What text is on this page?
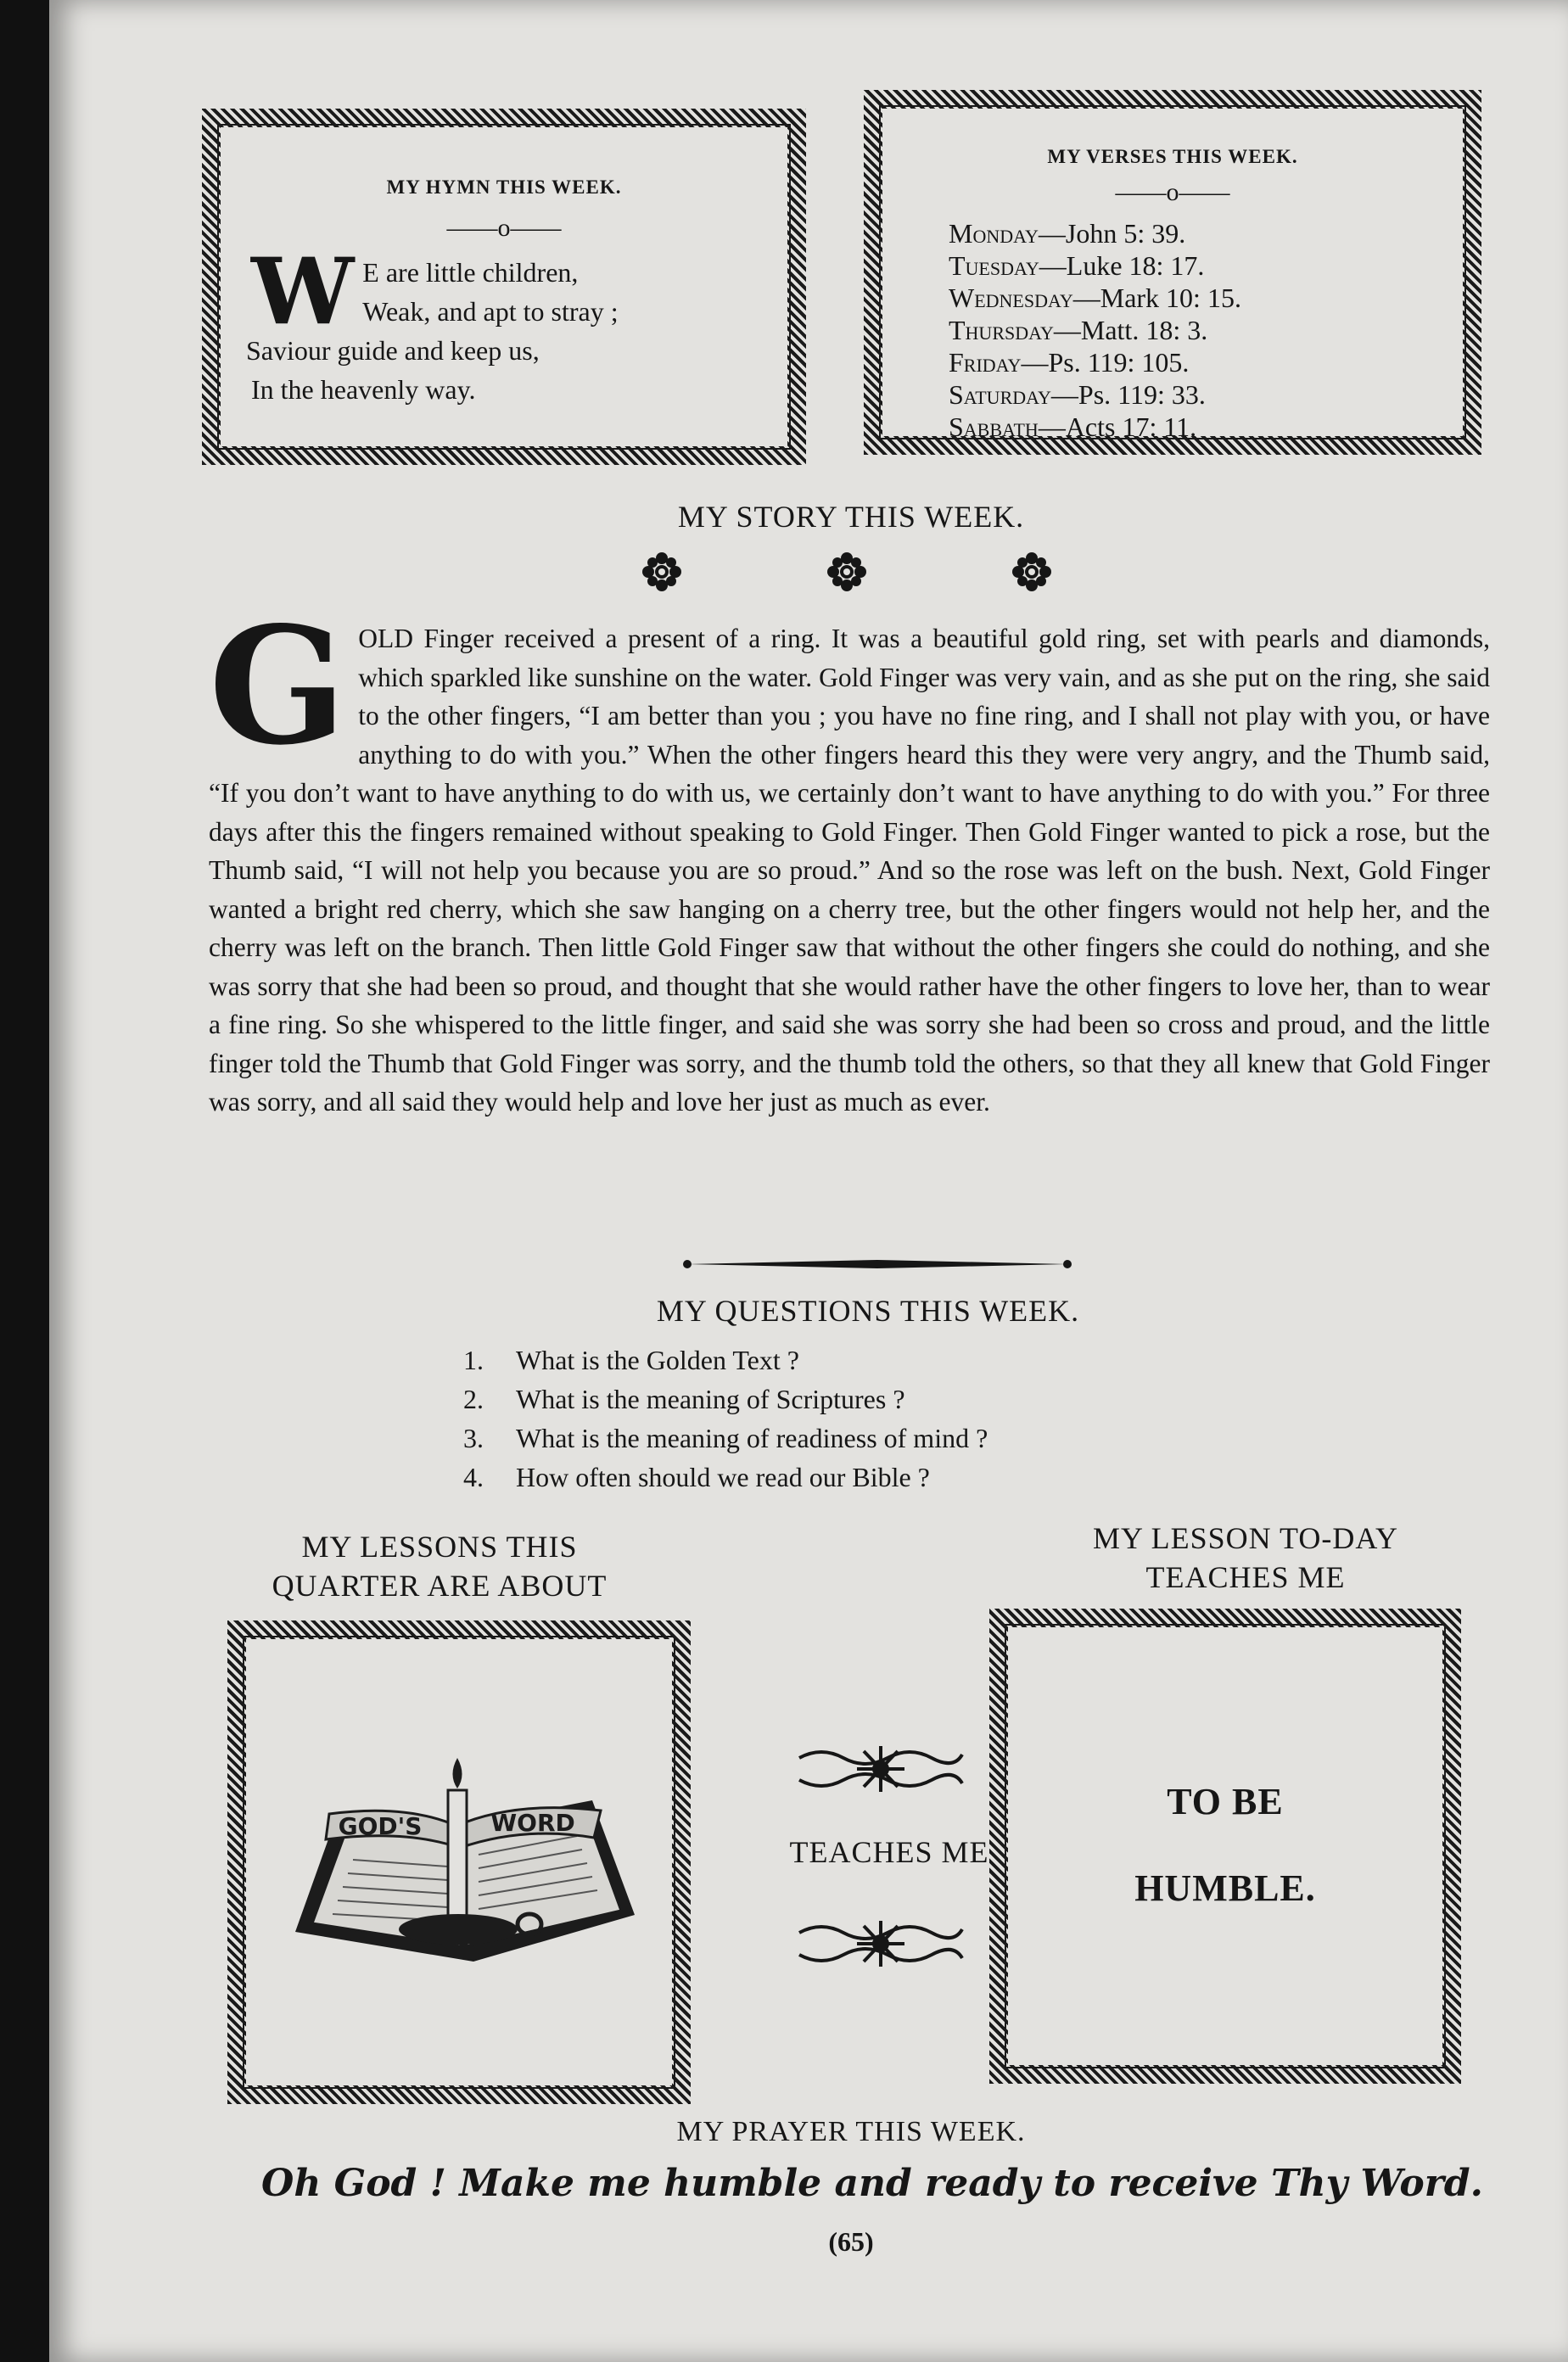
MY HYMN THIS WEEK.
——o——
W E are little children,
Weak, and apt to stray ;
Saviour guide and keep us,
In the heavenly way.
MY VERSES THIS WEEK.
——o——
Monday—John 5: 39.
Tuesday—Luke 18: 17.
Wednesday—Mark 10: 15.
Thursday—Matt. 18: 3.
Friday—Ps. 119: 105.
Saturday—Ps. 119: 33.
Sabbath—Acts 17: 11.
MY STORY THIS WEEK.
G OLD Finger received a present of a ring. It was a beautiful gold ring, set with pearls and diamonds, which sparkled like sunshine on the water. Gold Finger was very vain, and as she put on the ring, she said to the other fingers, “I am better than you ; you have no fine ring, and I shall not play with you, or have anything to do with you.” When the other fingers heard this they were very angry, and the Thumb said, “If you don’t want to have anything to do with us, we certainly don’t want to have anything to do with you.” For three days after this the fingers remained without speaking to Gold Finger. Then Gold Finger wanted to pick a rose, but the Thumb said, “I will not help you because you are so proud.” And so the rose was left on the bush. Next, Gold Finger wanted a bright red cherry, which she saw hanging on a cherry tree, but the other fingers would not help her, and the cherry was left on the branch. Then little Gold Finger saw that without the other fingers she could do nothing, and she was sorry that she had been so proud, and thought that she would rather have the other fingers to love her, than to wear a fine ring. So she whispered to the little finger, and said she was sorry she had been so cross and proud, and the little finger told the Thumb that Gold Finger was sorry, and the thumb told the others, so that they all knew that Gold Finger was sorry, and all said they would help and love her just as much as ever.
MY QUESTIONS THIS WEEK.
1.	What is the Golden Text ?
2.	What is the meaning of Scriptures ?
3.	What is the meaning of readiness of mind ?
4.	How often should we read our Bible ?
MY LESSONS THIS
QUARTER ARE ABOUT
MY LESSON TO-DAY
TEACHES ME
GOD'S	WORD
TEACHES ME
TO BE
HUMBLE.
MY PRAYER THIS WEEK.
Oh God ! Make me humble and ready to receive Thy Word.
(65)
